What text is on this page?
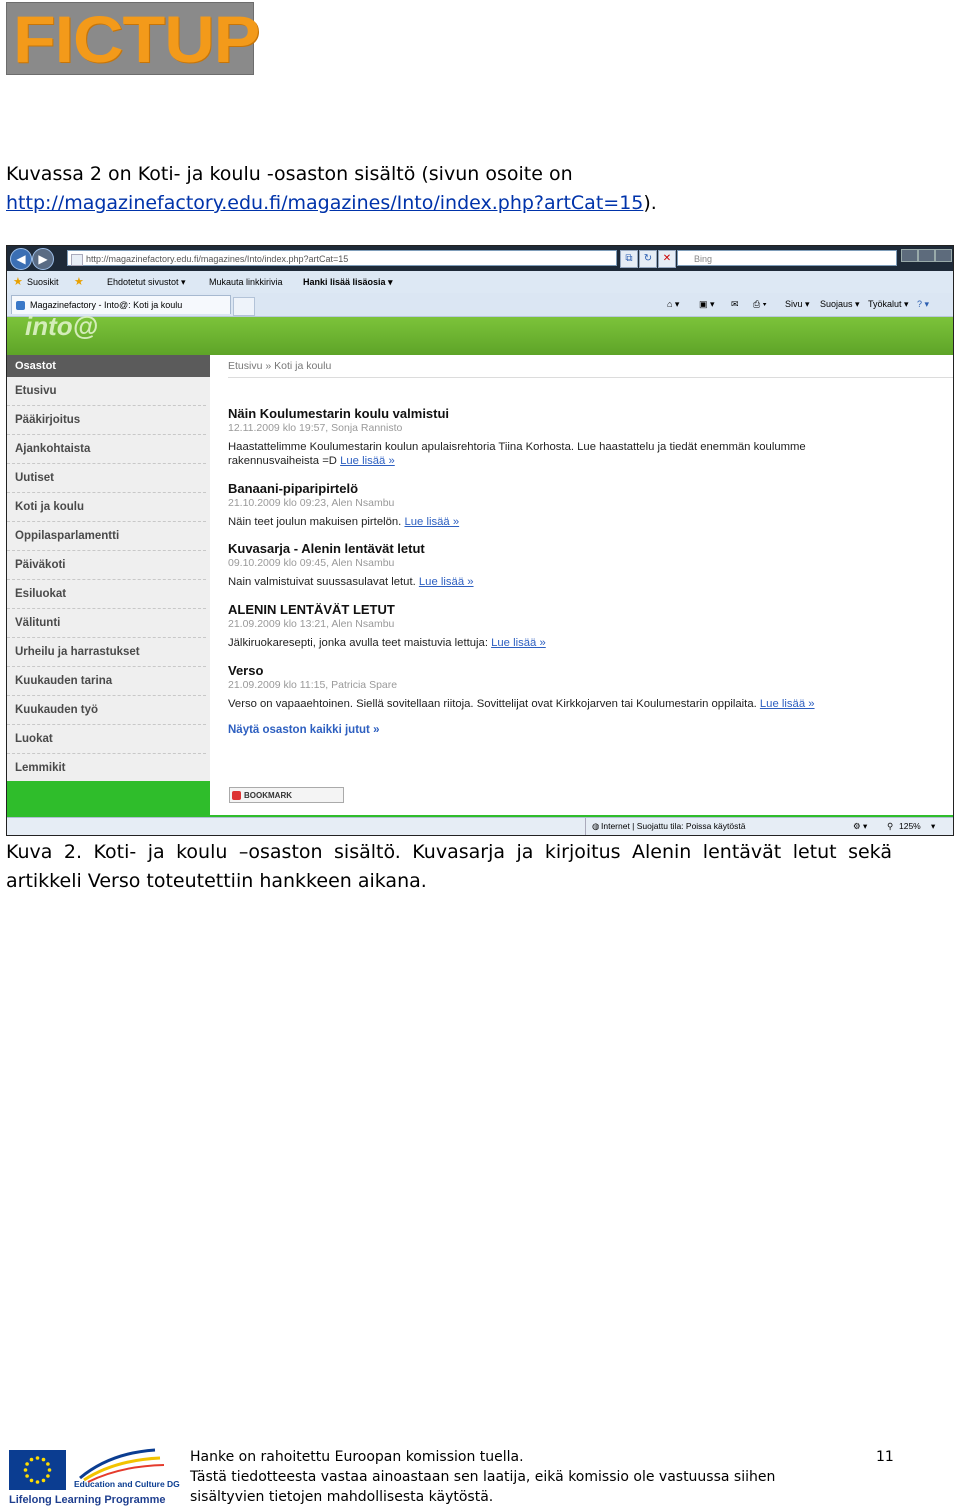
FICTUP
Kuvassa 2 on Koti- ja koulu -osaston sisältö (sivun osoite on
http://magazinefactory.edu.fi/magazines/Into/index.php?artCat=15).
◀	▶	http://magazinefactory.edu.fi/magazines/Into/index.php?artCat=15	⧉	↻	✕	Bing
★ Suosikit ★	Ehdotetut sivustot ▾	Mukauta linkkirivia Hanki lisää lisäosia ▾
Magazinefactory - Into@: Koti ja koulu	⌂ ▾ ▣ ▾ ✉ ⎙ ▾ Sivu ▾ Suojaus ▾ Työkalut ▾ ? ▾
into@
Osastot
Etusivu
Pääkirjoitus
Ajankohtaista
Uutiset
Koti ja koulu
Oppilasparlamentti
Päiväkoti
Esiluokat
Välitunti
Urheilu ja harrastukset
Kuukauden tarina
Kuukauden työ
Luokat
Lemmikit
Etusivu » Koti ja koulu
Näin Koulumestarin koulu valmistui
12.11.2009 klo 19:57, Sonja Rannisto
Haastattelimme Koulumestarin koulun apulaisrehtoria Tiina Korhosta. Lue haastattelu ja tiedät enemmän koulumme rakennusvaiheista =D Lue lisää »
Banaani-piparipirtelö
21.10.2009 klo 09:23, Alen Nsambu
Näin teet joulun makuisen pirtelön. Lue lisää »
Kuvasarja - Alenin lentävät letut
09.10.2009 klo 09:45, Alen Nsambu
Nain valmistuivat suussasulavat letut. Lue lisää »
ALENIN LENTÄVÄT LETUT
21.09.2009 klo 13:21, Alen Nsambu
Jälkiruokaresepti, jonka avulla teet maistuvia lettuja: Lue lisää »
Verso
21.09.2009 klo 11:15, Patricia Spare
Verso on vapaaehtoinen. Siellä sovitellaan riitoja. Sovittelijat ovat Kirkkojarven tai Koulumestarin oppilaita. Lue lisää »
Näytä osaston kaikki jutut »
BOOKMARK
◍ Internet | Suojattu tila: Poissa käytöstä	⚙ ▾ ⚲ 125% ▾
Kuva 2. Koti- ja koulu –osaston sisältö. Kuvasarja ja kirjoitus Alenin lentävät letut sekä artikkeli Verso toteutettiin hankkeen aikana.
Education and Culture DG
Lifelong Learning Programme
Hanke on rahoitettu Euroopan komission tuella.
Tästä tiedotteesta vastaa ainoastaan sen laatija, eikä komissio ole vastuussa siihen sisältyvien tietojen mahdollisesta käytöstä.
11
